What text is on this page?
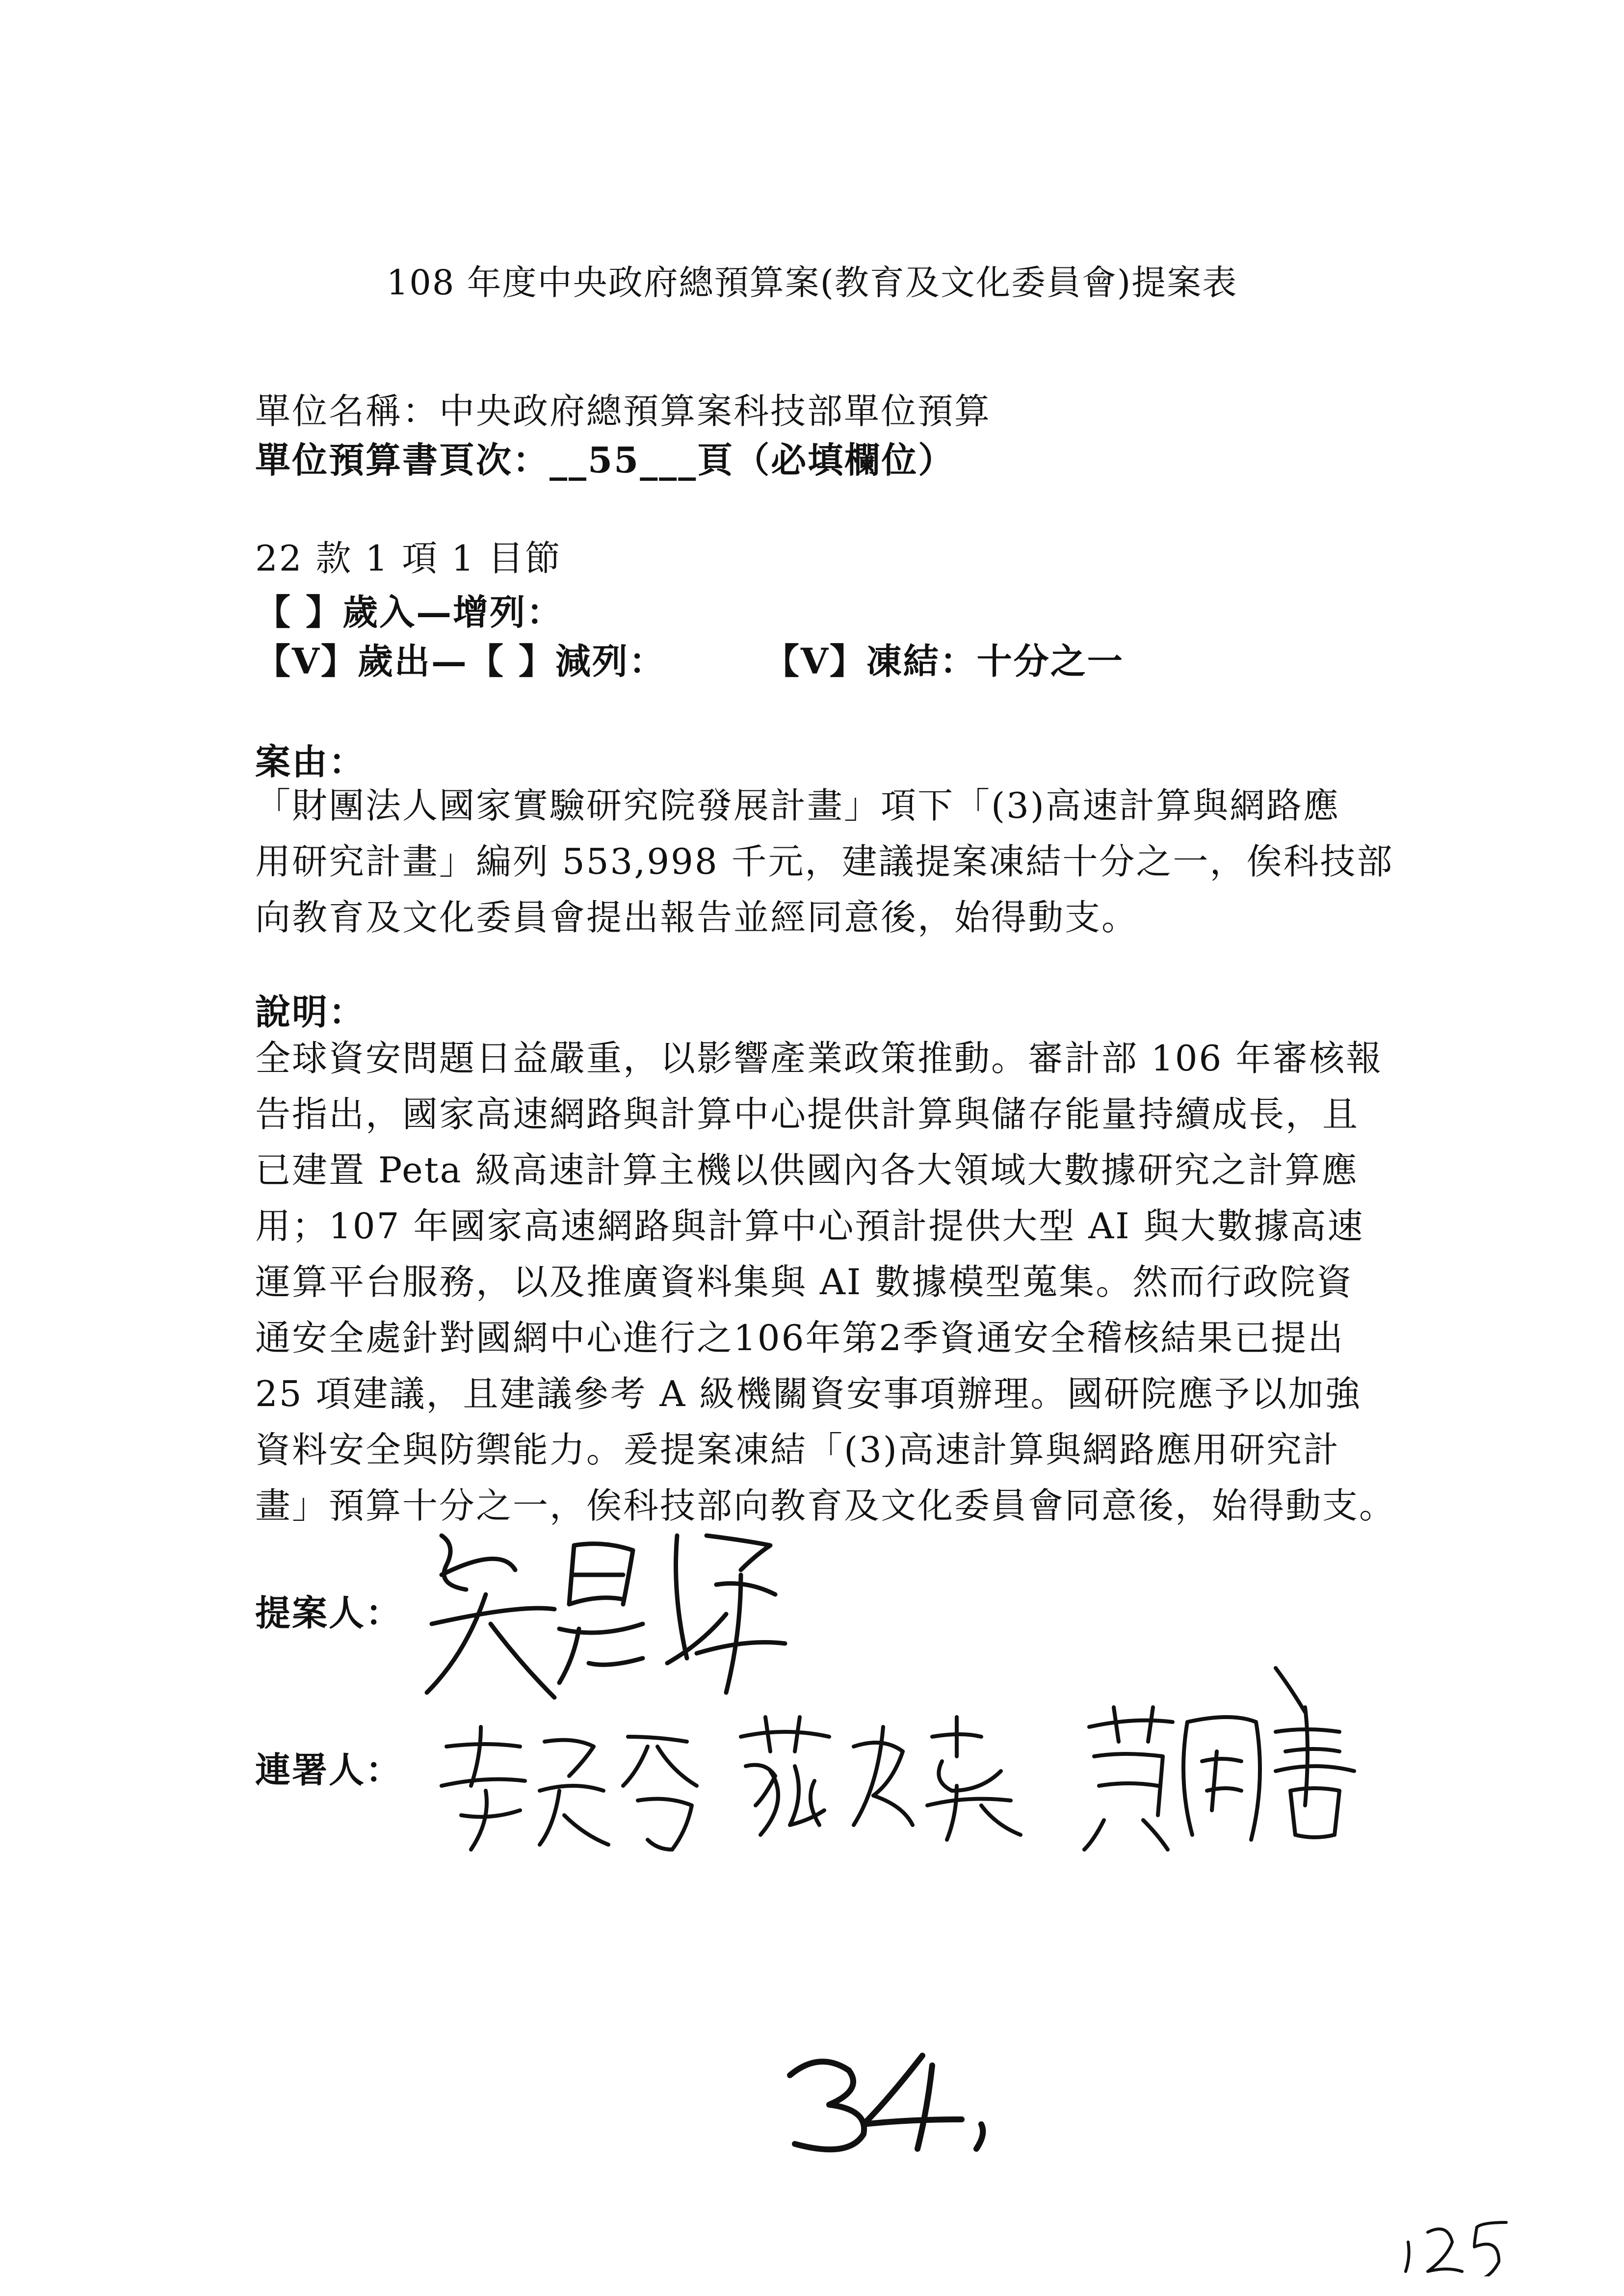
108 年度中央政府總預算案(教育及文化委員會)提案表
單位名稱：中央政府總預算案科技部單位預算
單位預算書頁次：__55___頁（必填欄位）
22 款 1 項 1 目節
【 】歲入—增列：
【V】歲出—【 】減列：	【V】凍結：十分之一
案由：
「財團法人國家實驗研究院發展計畫」項下「(3)高速計算與網路應
用研究計畫」編列 553,998 千元，建議提案凍結十分之一，俟科技部
向教育及文化委員會提出報告並經同意後，始得動支。
說明：
全球資安問題日益嚴重，以影響產業政策推動。審計部 106 年審核報
告指出，國家高速網路與計算中心提供計算與儲存能量持續成長，且
已建置 Peta 級高速計算主機以供國內各大領域大數據研究之計算應
用；107 年國家高速網路與計算中心預計提供大型 AI 與大數據高速
運算平台服務，以及推廣資料集與 AI 數據模型蒐集。然而行政院資
通安全處針對國網中心進行之106年第2季資通安全稽核結果已提出
25 項建議，且建議參考 A 級機關資安事項辦理。國研院應予以加強
資料安全與防禦能力。爰提案凍結「(3)高速計算與網路應用研究計
畫」預算十分之一，俟科技部向教育及文化委員會同意後，始得動支。
提案人：
連署人：
